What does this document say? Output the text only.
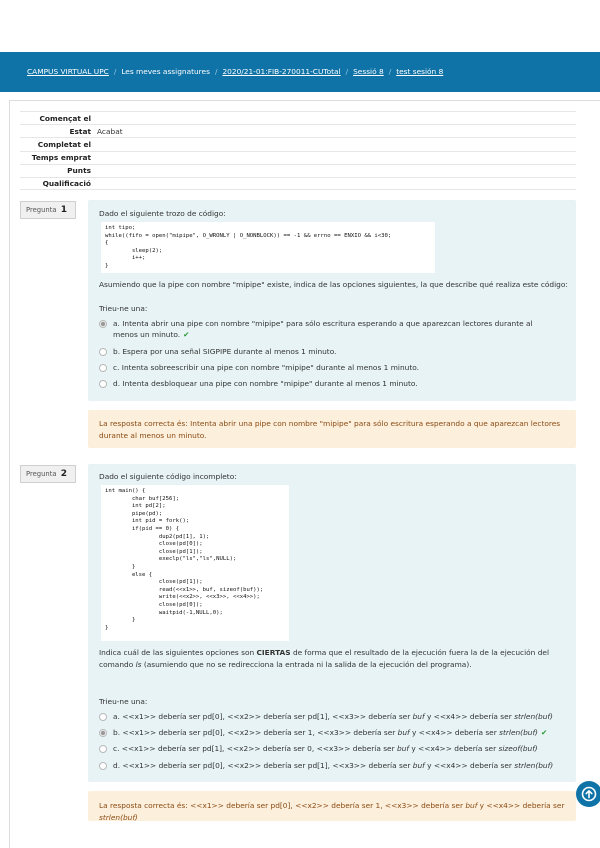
CAMPUS VIRTUAL UPC / Les meves assignatures / 2020/21-01:FIB-270011-CUTotal / Sessió 8 / test sesión 8
Començat el
Estat Acabat
Completat el
Temps emprat
Punts
Qualificació
Pregunta 1	Dado el siguiente trozo de código:
int tipo;
while((fifo = open("mipipe", O_WRONLY | O_NONBLOCK)) == -1 && errno == ENXIO && i<30;
{
sleep(2);
i++;
}
Asumiendo que la pipe con nombre "mipipe" existe, indica de las opciones siguientes, la que describe qué realiza este código:
Trieu-ne una:
a. Intenta abrir una pipe con nombre "mipipe" para sólo escritura esperando a que aparezcan lectores durante al menos un minuto. ✔
b. Espera por una señal SIGPIPE durante al menos 1 minuto.
c. Intenta sobreescribir una pipe con nombre "mipipe" durante al menos 1 minuto.
d. Intenta desbloquear una pipe con nombre "mipipe" durante al menos 1 minuto.
La resposta correcta és: Intenta abrir una pipe con nombre "mipipe" para sólo escritura esperando a que aparezcan lectores durante al menos un minuto.
Pregunta 2	Dado el siguiente código incompleto:
int main() {
char buf[256];
int pd[2];
pipe(pd);
int pid = fork();
if(pid == 0) {
dup2(pd[1], 1);
close(pd[0]);
close(pd[1]);
execlp("ls","ls",NULL);
}
else {
close(pd[1]);
read(<<x1>>, buf, sizeof(buf));
write(<<x2>>, <<x3>>, <<x4>>);
close(pd[0]);
waitpid(-1,NULL,0);
}
}
Indica cuál de las siguientes opciones son CIERTAS de forma que el resultado de la ejecución fuera la de la ejecución del comando ls (asumiendo que no se redirecciona la entrada ni la salida de la ejecución del programa).
Trieu-ne una:
a. <<x1>> debería ser pd[0], <<x2>> debería ser pd[1], <<x3>> debería ser buf y <<x4>> debería ser strlen(buf)
b. <<x1>> debería ser pd[0], <<x2>> debería ser 1, <<x3>> debería ser buf y <<x4>> debería ser strlen(buf) ✔
c. <<x1>> debería ser pd[1], <<x2>> debería ser 0, <<x3>> debería ser buf y <<x4>> debería ser sizeof(buf)
d. <<x1>> debería ser pd[0], <<x2>> debería ser pd[1], <<x3>> debería ser buf y <<x4>> debería ser strlen(buf)
La resposta correcta és: <<x1>> debería ser pd[0], <<x2>> debería ser 1, <<x3>> debería ser buf y <<x4>> debería ser strlen(buf)
